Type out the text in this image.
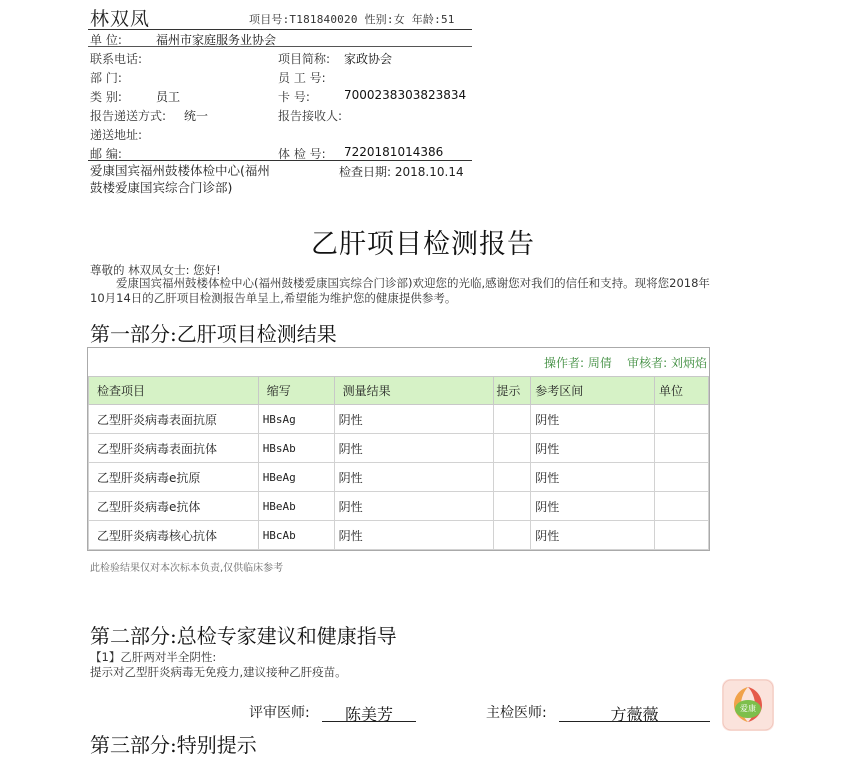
林双凤	项目号:T181840020 性别:女 年龄:51
单 位:	福州市家庭服务业协会
联系电话:	项目简称: 家政协会
部 门:	员 工 号:
类 别:	员工	卡 号:	7000238303823834
报告递送方式: 统一	报告接收人:
递送地址:
邮 编:	体 检 号: 7220181014386
爱康国宾福州鼓楼体检中心(福州鼓楼爱康国宾综合门诊部)
检查日期: 2018.10.14
乙肝项目检测报告
尊敬的 林双凤女士: 您好!
爱康国宾福州鼓楼体检中心(福州鼓楼爱康国宾综合门诊部)欢迎您的光临,感谢您对我们的信任和支持。现将您2018年10月14日的乙肝项目检测报告单呈上,希望能为维护您的健康提供参考。
第一部分:乙肝项目检测结果
操作者: 周倩 审核者: 刘炳焰
检查项目	缩写	测量结果	提示	参考区间	单位
乙型肝炎病毒表面抗原	HBsAg	阴性		阴性	
乙型肝炎病毒表面抗体	HBsAb	阴性		阴性	
乙型肝炎病毒e抗原	HBeAg	阴性		阴性	
乙型肝炎病毒e抗体	HBeAb	阴性		阴性	
乙型肝炎病毒核心抗体	HBcAb	阴性		阴性	
此检验结果仅对本次标本负责,仅供临床参考
第二部分:总检专家建议和健康指导
【1】乙肝两对半全阴性:
提示对乙型肝炎病毒无免疫力,建议接种乙肝疫苗。
评审医师:	陈美芳	主检医师:	方薇薇
第三部分:特别提示
爱康
